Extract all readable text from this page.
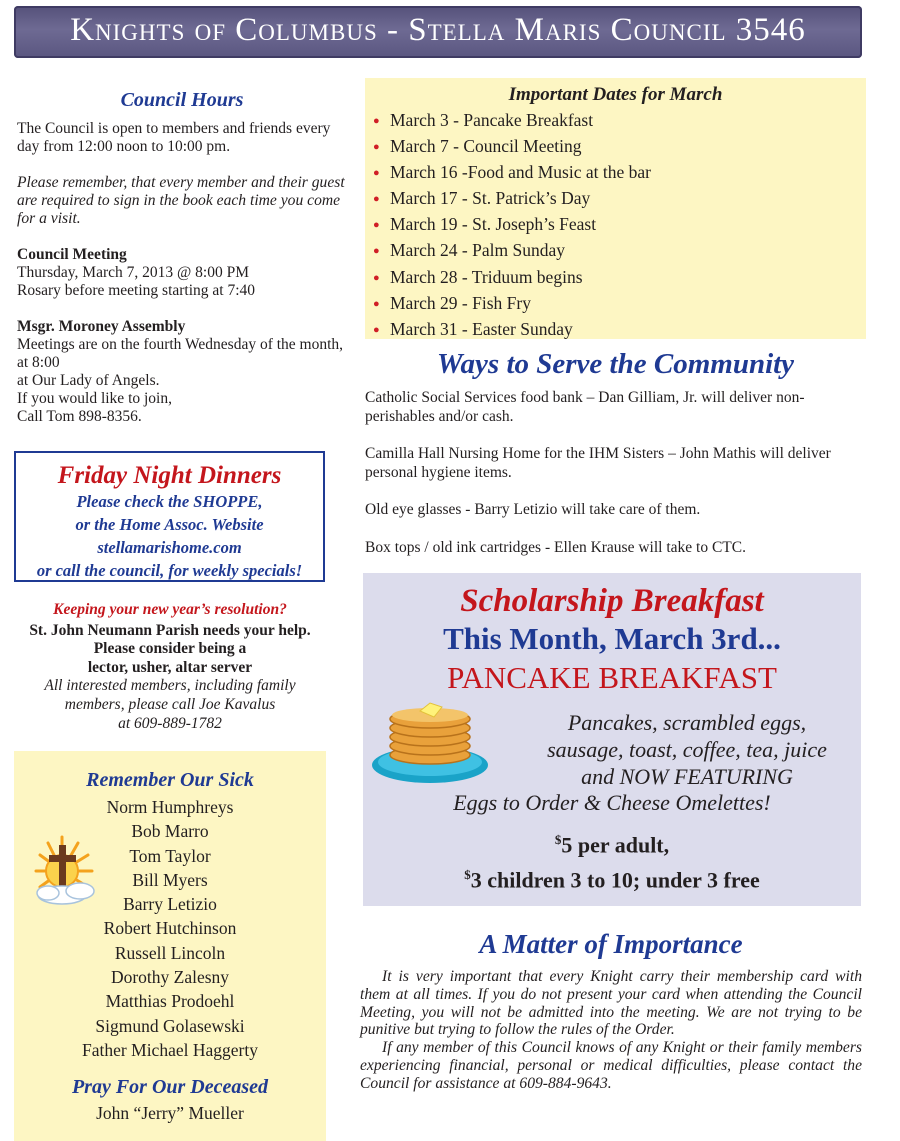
Knights of Columbus - Stella Maris Council 3546
Council Hours
The Council is open to members and friends every day from 12:00 noon to 10:00 pm.
Please remember, that every member and their guest are required to sign in the book each time you come for a visit.
Council Meeting
Thursday, March 7, 2013 @ 8:00 PM
Rosary before meeting starting at 7:40
Msgr. Moroney Assembly
Meetings are on the fourth Wednesday of the month, at 8:00
at Our Lady of Angels.
If you would like to join,
Call Tom 898-8356.
Friday Night Dinners
Please check the SHOPPE,
or the Home Assoc. Website
stellamarishome.com
or call the council, for weekly specials!
Keeping your new year’s resolution?
St. John Neumann Parish needs your help.
Please consider being a
lector, usher, altar server
All interested members, including family
members, please call Joe Kavalus
at 609-889-1782
Remember Our Sick
Norm Humphreys
Bob Marro
Tom Taylor
Bill Myers
Barry Letizio
Robert Hutchinson
Russell Lincoln
Dorothy Zalesny
Matthias Prodoehl
Sigmund Golasewski
Father Michael Haggerty
Pray For Our Deceased
John “Jerry” Mueller
Important Dates for March
● March 3 - Pancake Breakfast
● March 7 - Council Meeting
● March 16 -Food and Music at the bar
● March 17 - St. Patrick’s Day
● March 19 - St. Joseph’s Feast
● March 24 - Palm Sunday
● March 28 - Triduum begins
● March 29 - Fish Fry
● March 31 - Easter Sunday
Ways to Serve the Community

Catholic Social Services food bank – Dan Gilliam, Jr. will deliver non-perishables and/or cash.

Camilla Hall Nursing Home for the IHM Sisters – John Mathis will deliver personal hygiene items.

Old eye glasses - Barry Letizio will take care of them.

Box tops / old ink cartridges - Ellen Krause will take to CTC.

Scholarship Breakfast
This Month, March 3rd...
PANCAKE BREAKFAST
Pancakes, scrambled eggs,
sausage, toast, coffee, tea, juice
and NOW FEATURING
Eggs to Order & Cheese Omelettes!
$5 per adult,
$3 children 3 to 10; under 3 free
A Matter of Importance

It is very important that every Knight carry their membership card with them at all times. If you do not present your card when attending the Council Meeting, you will not be admitted into the meeting. We are not trying to be punitive but trying to follow the rules of the Order.

If any member of this Council knows of any Knight or their family members experiencing financial, personal or medical difficulties, please contact the Council for assistance at 609-884-9643.
